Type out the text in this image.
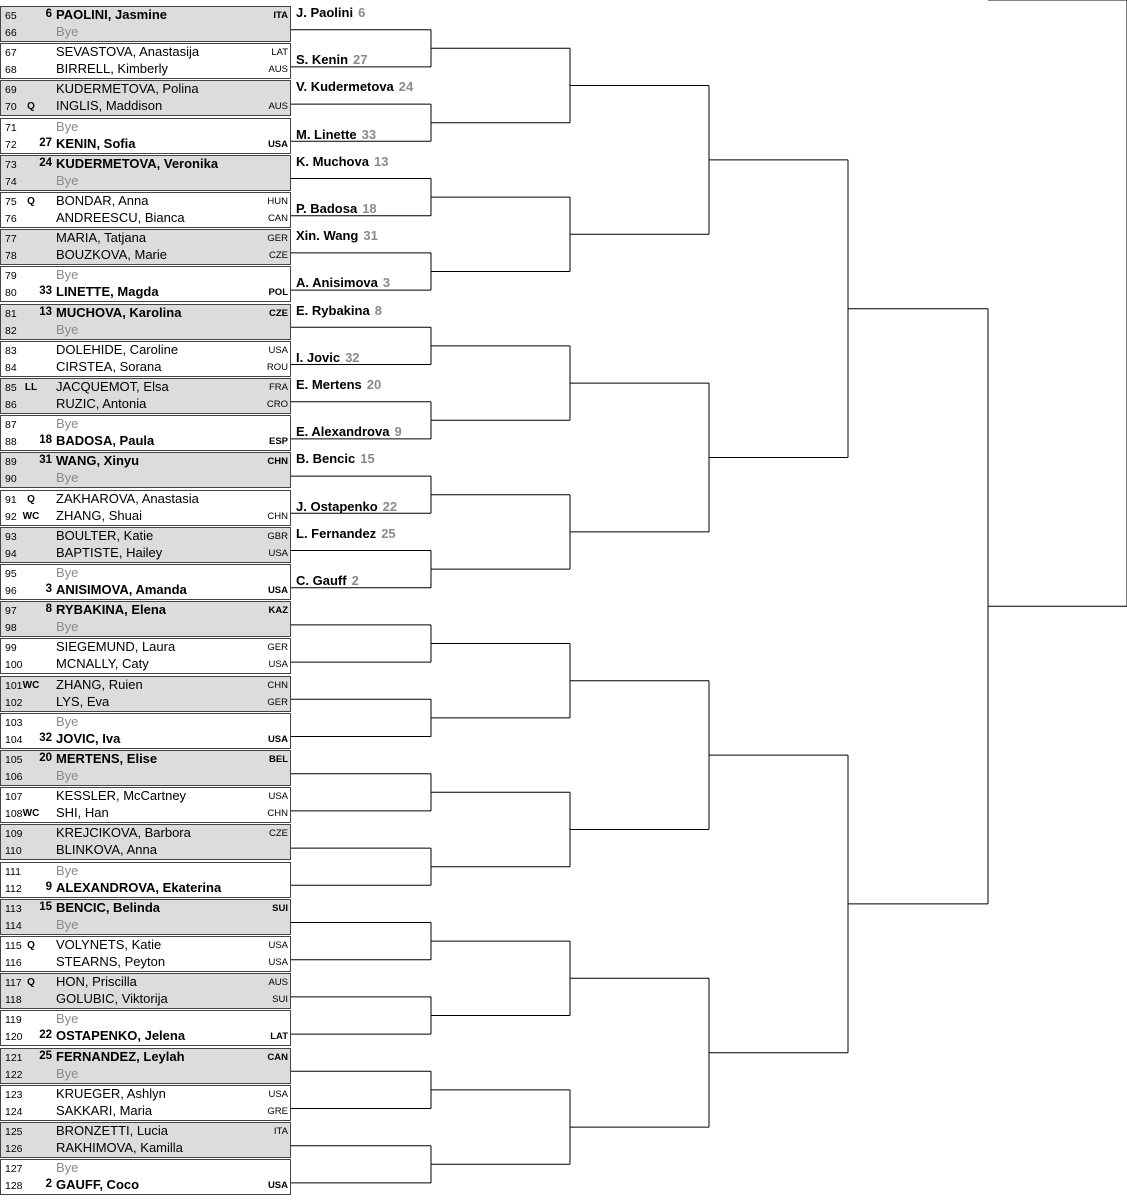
65	6 PAOLINI, Jasmine	ITA
66	Bye
67	SEVASTOVA, Anastasija	LAT
68	BIRRELL, Kimberly	AUS
69	KUDERMETOVA, Polina
70	Q	INGLIS, Maddison	AUS
71	Bye
72	27 KENIN, Sofia	USA
73	24 KUDERMETOVA, Veronika
74	Bye
75	Q	BONDAR, Anna	HUN
76	ANDREESCU, Bianca	CAN
77	MARIA, Tatjana	GER
78	BOUZKOVA, Marie	CZE
79	Bye
80	33 LINETTE, Magda	POL
81	13 MUCHOVA, Karolina	CZE
82	Bye
83	DOLEHIDE, Caroline	USA
84	CIRSTEA, Sorana	ROU
85 LL	JACQUEMOT, Elsa	FRA
86	RUZIC, Antonia	CRO
87	Bye
88	18 BADOSA, Paula	ESP
89	31 WANG, Xinyu	CHN
90	Bye
91	Q	ZAKHAROVA, Anastasia
92 WC ZHANG, Shuai	CHN
93	BOULTER, Katie	GBR
94	BAPTISTE, Hailey	USA
95	Bye
96	3 ANISIMOVA, Amanda	USA
97	8 RYBAKINA, Elena	KAZ
98	Bye
99	SIEGEMUND, Laura	GER
100	MCNALLY, Caty	USA
101 WC ZHANG, Ruien	CHN
102	LYS, Eva	GER
103	Bye
104	32 JOVIC, Iva	USA
105	20 MERTENS, Elise	BEL
106	Bye
107	KESSLER, McCartney	USA
108 WC SHI, Han	CHN
109	KREJCIKOVA, Barbora	CZE
110	BLINKOVA, Anna
111	Bye
112	9 ALEXANDROVA, Ekaterina
113	15 BENCIC, Belinda	SUI
114	Bye
115 Q	VOLYNETS, Katie	USA
116	STEARNS, Peyton	USA
117 Q	HON, Priscilla	AUS
118	GOLUBIC, Viktorija	SUI
119	Bye
120	22 OSTAPENKO, Jelena	LAT
121	25 FERNANDEZ, Leylah	CAN
122	Bye
123	KRUEGER, Ashlyn	USA
124	SAKKARI, Maria	GRE
125	BRONZETTI, Lucia	ITA
126	RAKHIMOVA, Kamilla
127	Bye
128	2 GAUFF, Coco	USA
J. Paolini 6
S. Kenin 27
V. Kudermetova 24
M. Linette 33
K. Muchova 13
P. Badosa 18
Xin. Wang 31
A. Anisimova 3
E. Rybakina 8
I. Jovic 32
E. Mertens 20
E. Alexandrova 9
B. Bencic 15
J. Ostapenko 22
L. Fernandez 25
C. Gauff 2
